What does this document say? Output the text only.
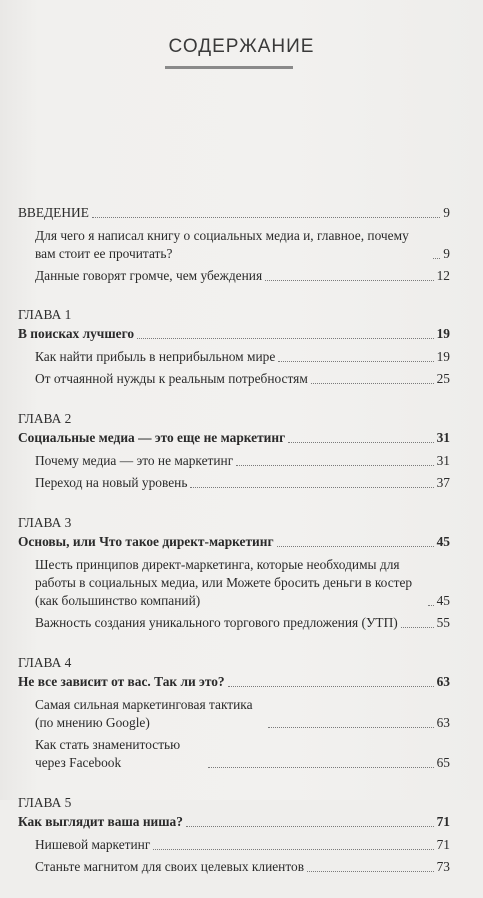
СОДЕРЖАНИЕ
ВВЕДЕНИЕ	9
Для чего я написал книгу о социальных медиа и, главное, почему вам стоит ее прочитать?	9
Данные говорят громче, чем убеждения	12
ГЛАВА 1
В поисках лучшего	19
Как найти прибыль в неприбыльном мире	19
От отчаянной нужды к реальным потребностям	25
ГЛАВА 2
Социальные медиа — это еще не маркетинг	31
Почему медиа — это не маркетинг	31
Переход на новый уровень	37
ГЛАВА 3
Основы, или Что такое директ-маркетинг	45
Шесть принципов директ-маркетинга, которые необходимы для работы в социальных медиа, или Можете бросить деньги в костер (как большинство компаний)	45
Важность создания уникального торгового предложения (УТП)	55
ГЛАВА 4
Не все зависит от вас. Так ли это?	63
Самая сильная маркетинговая тактика (по мнению Google)	63
Как стать знаменитостью через Facebook	65
ГЛАВА 5
Как выглядит ваша ниша?	71
Нишевой маркетинг	71
Станьте магнитом для своих целевых клиентов	73
